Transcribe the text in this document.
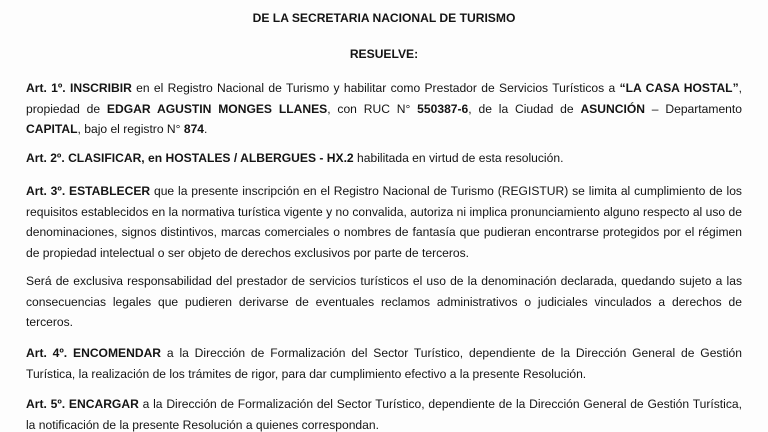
DE LA SECRETARIA NACIONAL DE TURISMO
RESUELVE:
Art. 1º. INSCRIBIR en el Registro Nacional de Turismo y habilitar como Prestador de Servicios Turísticos a “LA CASA HOSTAL”, propiedad de EDGAR AGUSTIN MONGES LLANES, con RUC N° 550387-6, de la Ciudad de ASUNCIÓN – Departamento CAPITAL, bajo el registro N° 874.
Art. 2º. CLASIFICAR, en HOSTALES / ALBERGUES - HX.2 habilitada en virtud de esta resolución.
Art. 3º. ESTABLECER que la presente inscripción en el Registro Nacional de Turismo (REGISTUR) se limita al cumplimiento de los requisitos establecidos en la normativa turística vigente y no convalida, autoriza ni implica pronunciamiento alguno respecto al uso de denominaciones, signos distintivos, marcas comerciales o nombres de fantasía que pudieran encontrarse protegidos por el régimen de propiedad intelectual o ser objeto de derechos exclusivos por parte de terceros.
Será de exclusiva responsabilidad del prestador de servicios turísticos el uso de la denominación declarada, quedando sujeto a las consecuencias legales que pudieren derivarse de eventuales reclamos administrativos o judiciales vinculados a derechos de terceros.
Art. 4º. ENCOMENDAR a la Dirección de Formalización del Sector Turístico, dependiente de la Dirección General de Gestión Turística, la realización de los trámites de rigor, para dar cumplimiento efectivo a la presente Resolución.
Art. 5º. ENCARGAR a la Dirección de Formalización del Sector Turístico, dependiente de la Dirección General de Gestión Turística, la notificación de la presente Resolución a quienes correspondan.
